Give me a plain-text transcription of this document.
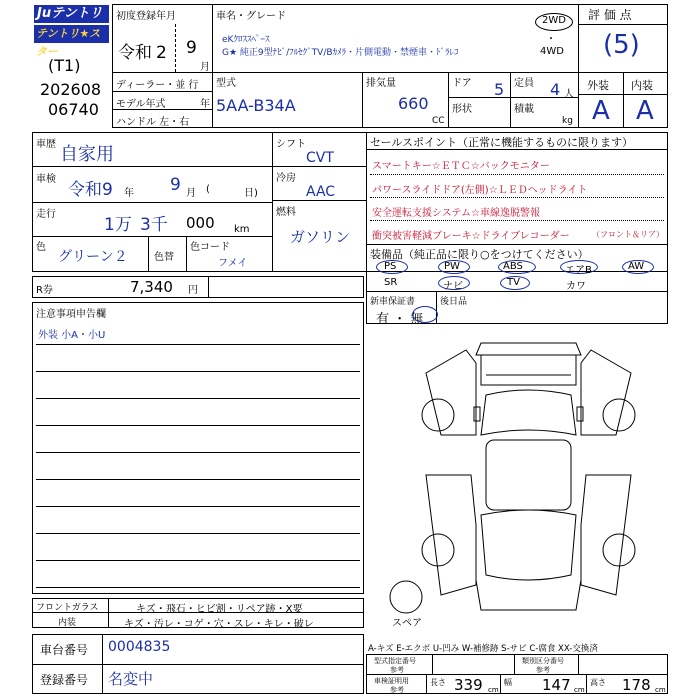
Juテントリ
テントリ★スター
(T1)
202608
06740
初度登録年月
令和 2 9
月
車名・グレード
eKｸﾛｽｽﾍﾟｰｽ
G★ 純正9型ﾅﾋﾞ/ﾌﾙｾｸﾞTV/Bｶﾒﾗ・片側電動・禁煙車・ﾄﾞﾗﾚｺ
2WD
・
4WD
評 価 点
(5)
外装 内装
A A
ディーラー・並 行
モデル年式	年
ハンドル 左・右
型式
5AA-B34A
排気量
660
CC
ドア 5
形状
定員 4 人
積載
kg
車歴 自家用
車検
令和9 年 9 月 (	日)
走行
1万 3千 000 km
色
グリーン２	色替
色コード
フメイ
シフト
CVT
冷房
AAC
燃料
ガソリン
セールスポイント（正常に機能するものに限ります）
スマートキー☆ＥＴＣ☆バックモニター
パワースライドドア(左側)☆ＬＥＤヘッドライト
安全運転支援システム☆車線逸脱警報
衝突被害軽減ブレーキ☆ドライブレコーダー	（フロント＆リア）
装備品（純正品に限り○をつけてください）
PS	PW	ABS	エアB	AW
SR	ナビ	TV	カワ
新車保証書
有 ・ 無
後日品
R券	7,340 円
注意事項申告欄
外装 小A・小U
スペア
フロントガラス	キズ・飛石・ヒビ割・リペア跡・X要
内装	キズ・汚レ・コゲ・穴・スレ・キレ・破レ
車台番号 0004835
登録番号 名変中
A-キズ E-エクボ U-凹み W-補修跡 S-サビ C-腐食 XX-交換済
型式指定番号
参考
類別区分番号
参考
車検証明用
参考
長さ 339 cm
幅 147 cm
高さ 178 cm
